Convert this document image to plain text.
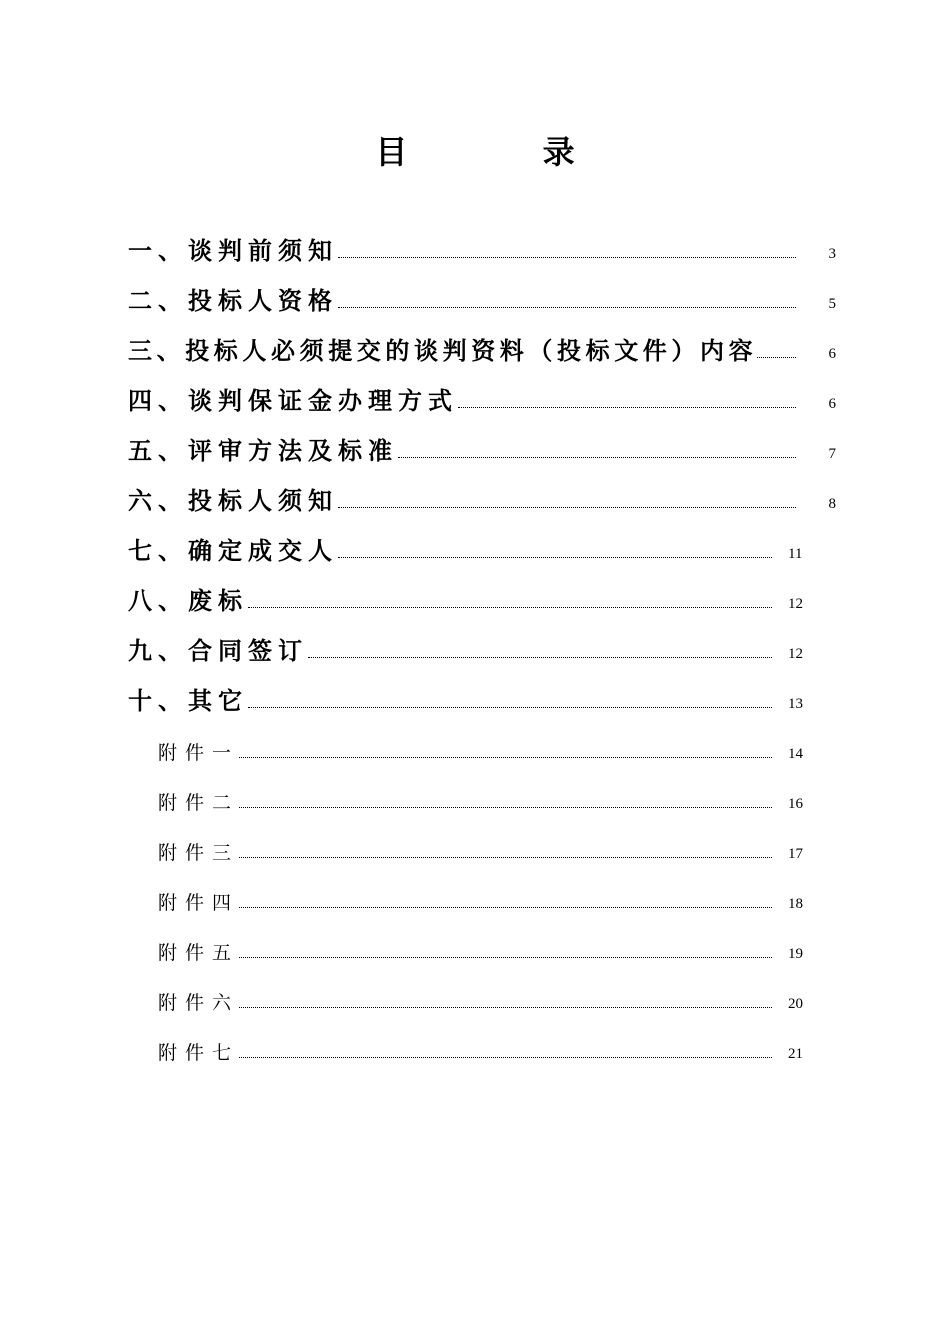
目 录
一、谈判前须知	3
二、投标人资格	5
三、投标人必须提交的谈判资料（投标文件）内容	6
四、谈判保证金办理方式	6
五、评审方法及标准	7
六、投标人须知	8
七、确定成交人	11
八、废标	12
九、合同签订	12
十、其它	13
附件一	14
附件二	16
附件三	17
附件四	18
附件五	19
附件六	20
附件七	21
